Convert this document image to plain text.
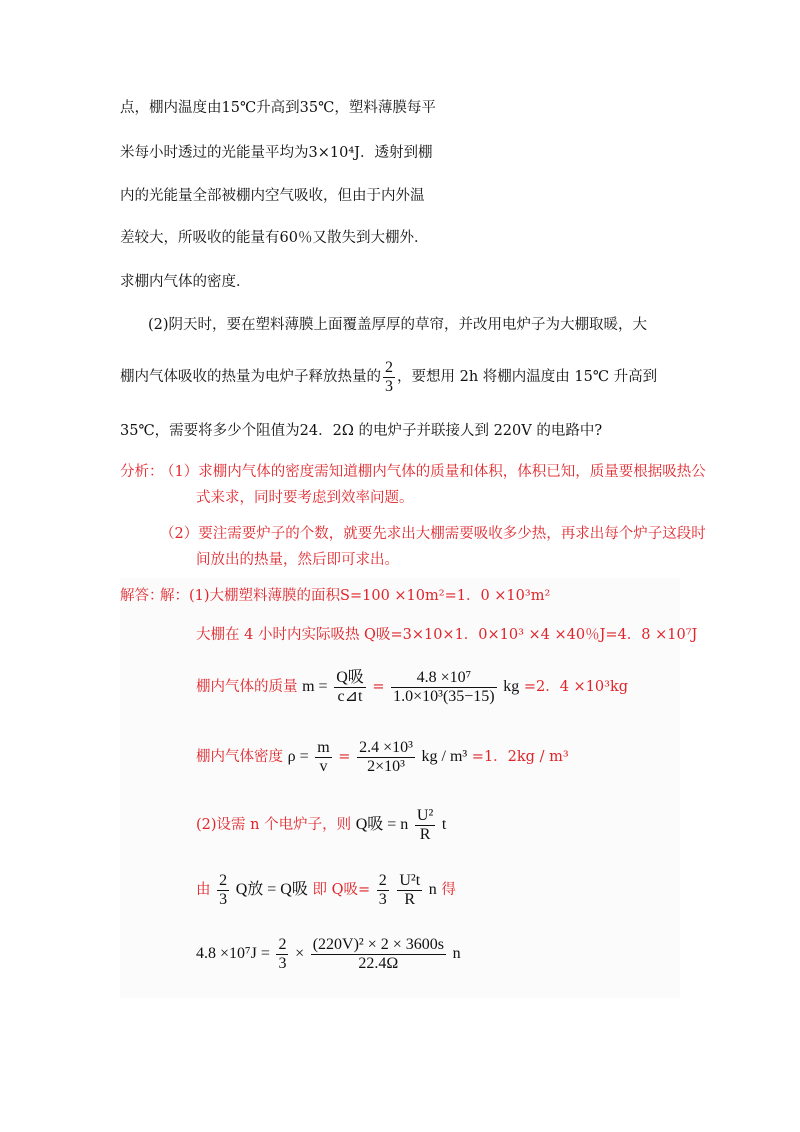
点，棚内温度由15℃升高到35℃，塑料薄膜每平
米每小时透过的光能量平均为3×10⁴J．透射到棚
内的光能量全部被棚内空气吸收，但由于内外温
差较大，所吸收的能量有60％又散失到大棚外．
求棚内气体的密度．
(2)阴天时，要在塑料薄膜上面覆盖厚厚的草帘，并改用电炉子为大棚取暖，大
棚内气体吸收的热量为电炉子释放热量的 $\frac{2}{3}$ ，要想用 2h 将棚内温度由 15℃ 升高到
35℃，需要将多少个阻值为24．2Ω 的电炉子并联接人到 220V 的电路中?
分析：
（1）求棚内气体的密度需知道棚内气体的质量和体积，体积已知，质量要根据吸热公
式来求，同时要考虑到效率问题。
（2）要注需要炉子的个数，就要先求出大棚需要吸收多少热，再求出每个炉子这段时
间放出的热量，然后即可求出。
解答：
解：(1)大棚塑料薄膜的面积S=100 ×10m²=1．0 ×10³m²
大棚在 4 小时内实际吸热 Q吸=3×10×1．0×10³ ×4 ×40％J=4．8 ×10⁷J
棚内气体的质量 $m = \frac{\text{Q吸}}{c⊿t} = \frac{\text{4.8 ×10⁷}}{\text{1.0×10³(35−15)}}$ kg =2．4 ×10³kg
棚内气体密度 $\rho = \frac{m}{v} = \frac{\text{2.4 ×10³}}{\text{2×10³}}$ kg / m³ =1．2kg / m³
(2)设需 n 个电炉子，则 Q吸 = n $\frac{\text{U²}}{R}$ t
由 $\frac{2}{3}$ Q放 = Q吸 即 Q吸= $\frac{2}{3}$
$\frac{\text{U²t}}{R}$ n 得
$4.8 \times 10^7J = \frac{2}{3} \times \frac{\text{(220V)² × 2 × 3600s}}{22.4\Omega}$ n
